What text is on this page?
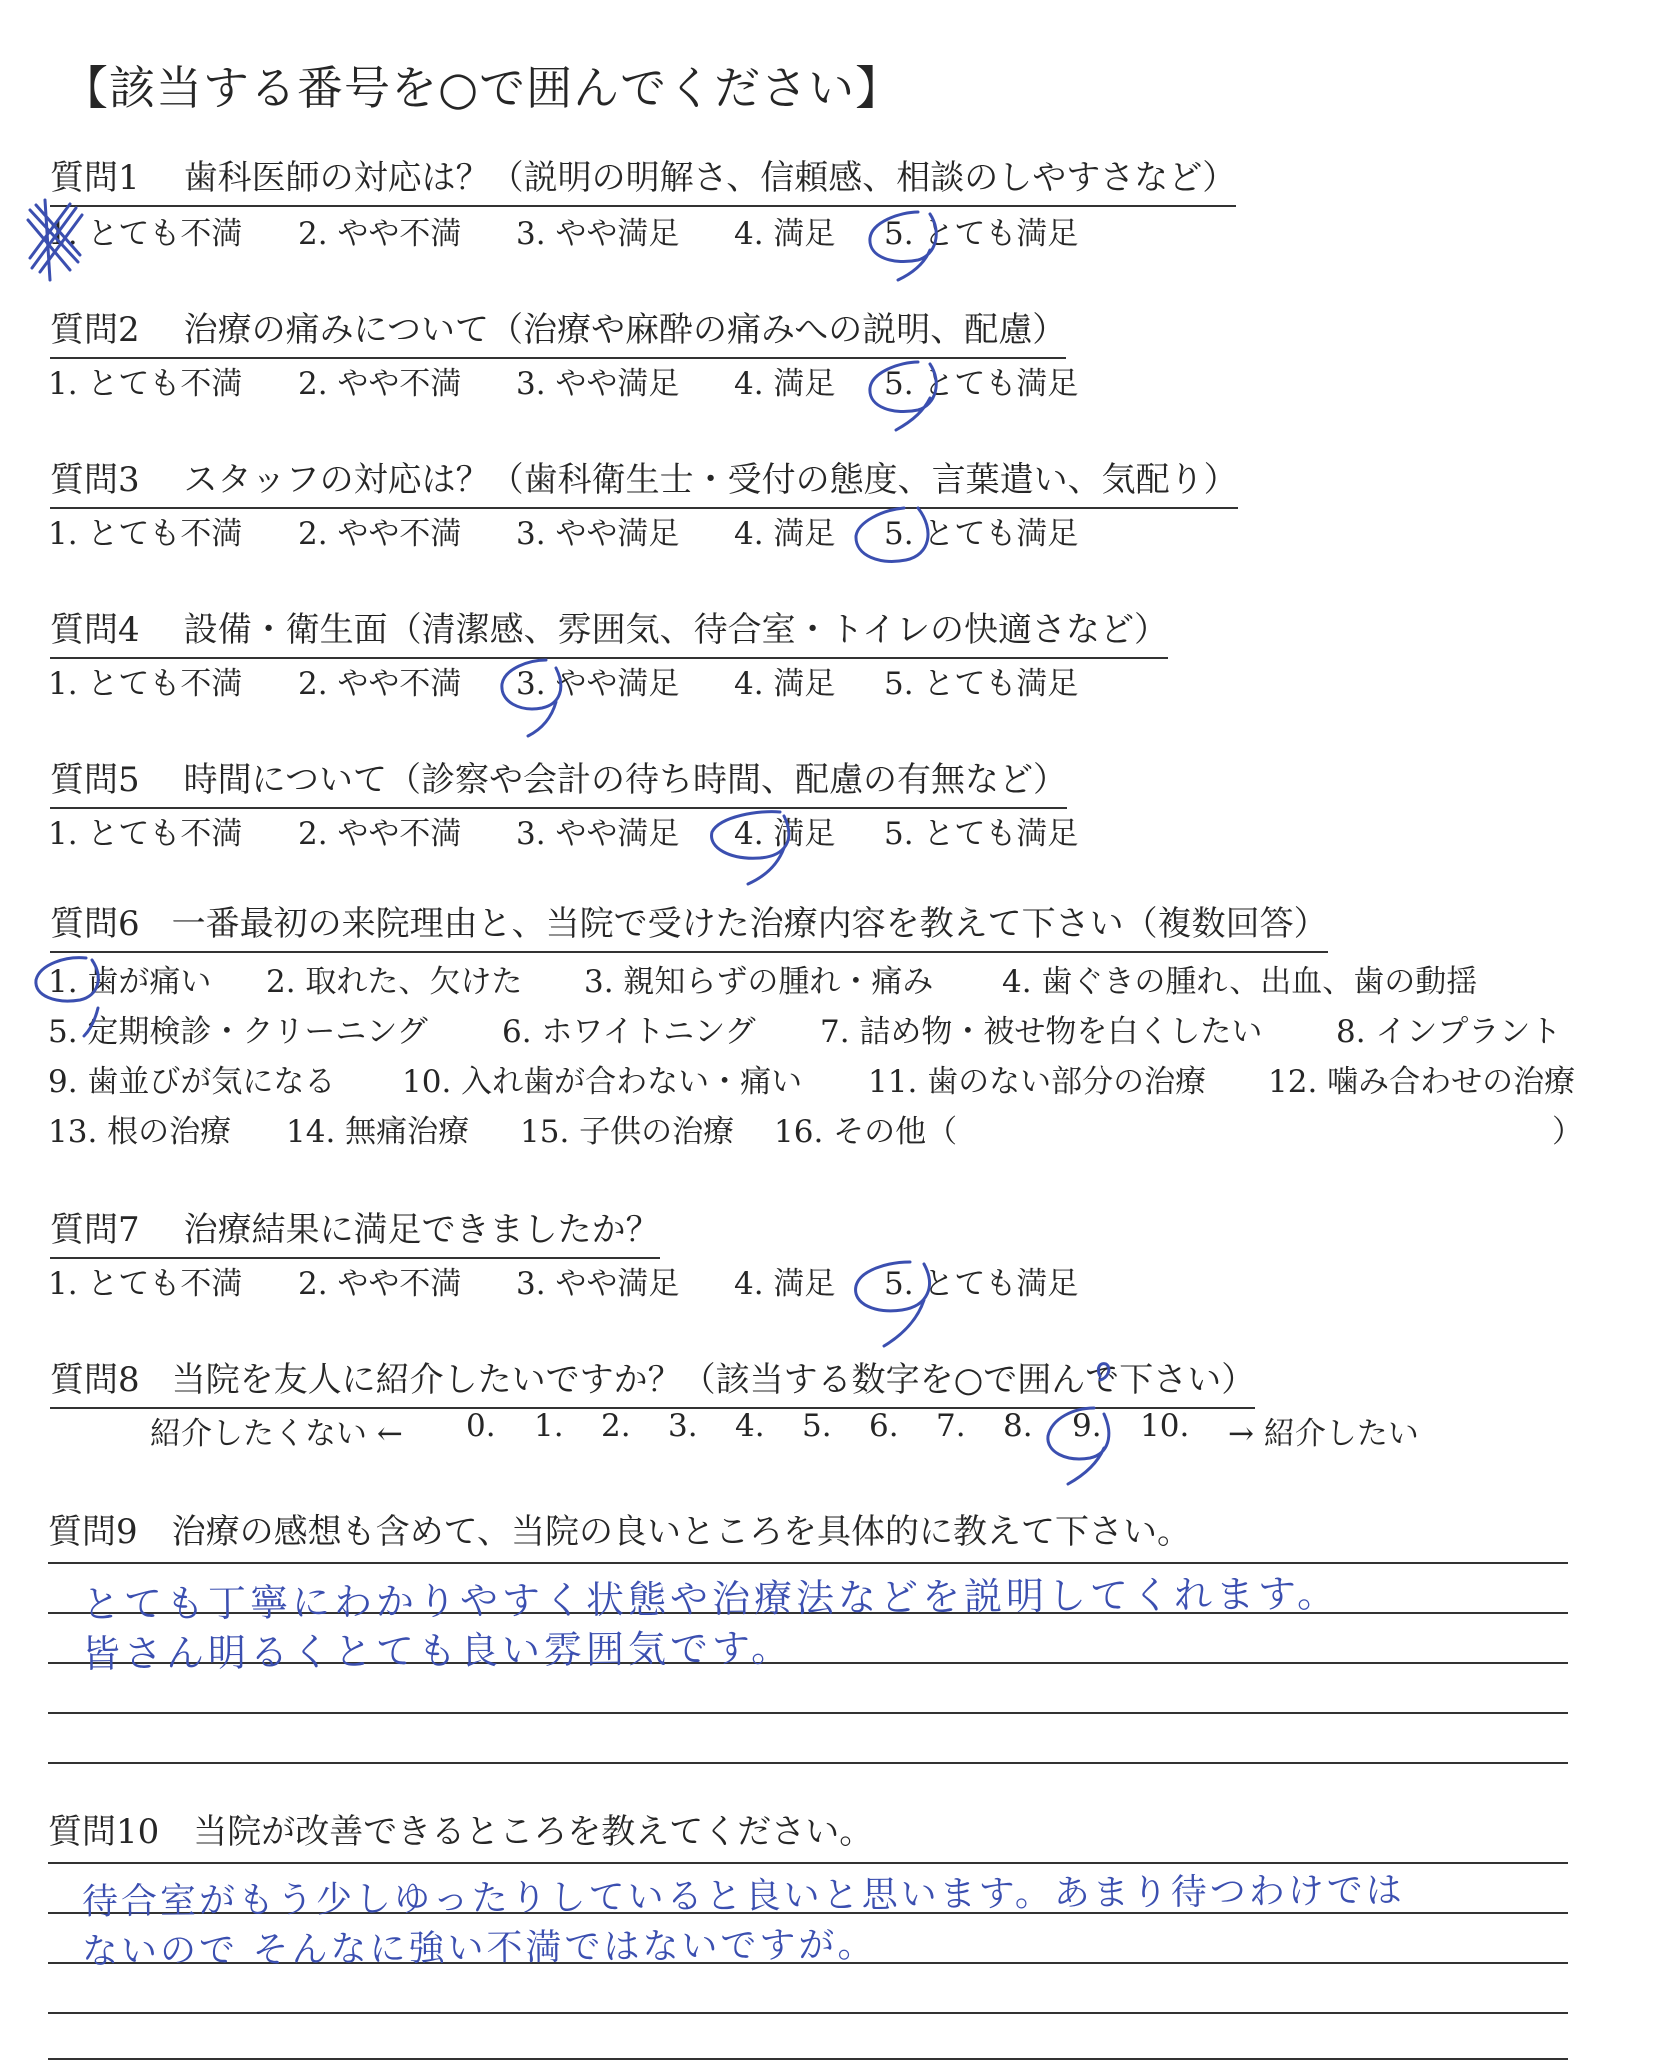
【該当する番号を○で囲んでください】
質問1 歯科医師の対応は？（説明の明解さ、信頼感、相談のしやすさなど）
1. とても不満 2. やや不満 3. やや満足 4. 満足 5. とても満足
質問2 治療の痛みについて（治療や麻酔の痛みへの説明、配慮）
1. とても不満 2. やや不満 3. やや満足 4. 満足 5. とても満足
質問3 スタッフの対応は？（歯科衛生士・受付の態度、言葉遣い、気配り）
1. とても不満 2. やや不満 3. やや満足 4. 満足 5. とても満足
質問4 設備・衛生面（清潔感、雰囲気、待合室・トイレの快適さなど）
1. とても不満 2. やや不満 3. やや満足 4. 満足 5. とても満足
質問5 時間について（診察や会計の待ち時間、配慮の有無など）
1. とても不満 2. やや不満 3. やや満足 4. 満足 5. とても満足
質問6 一番最初の来院理由と、当院で受けた治療内容を教えて下さい（複数回答）
1. 歯が痛い 2. 取れた、欠けた 3. 親知らずの腫れ・痛み 4. 歯ぐきの腫れ、出血、歯の動揺
5. 定期検診・クリーニング 6. ホワイトニング 7. 詰め物・被せ物を白くしたい 8. インプラント
9. 歯並びが気になる 10. 入れ歯が合わない・痛い 11. 歯のない部分の治療 12. 噛み合わせの治療
13. 根の治療 14. 無痛治療 15. 子供の治療 16. その他（	）
質問7 治療結果に満足できましたか？
1. とても不満 2. やや不満 3. やや満足 4. 満足 5. とても満足
質問8 当院を友人に紹介したいですか？（該当する数字を○で囲んで下さい）
紹介したくない ← 0. 1. 2. 3. 4. 5. 6. 7. 8. 9. 10. → 紹介したい
質問9 治療の感想も含めて、当院の良いところを具体的に教えて下さい。
とても丁寧にわかりやすく状態や治療法などを説明してくれます。
皆さん明るくとても良い雰囲気です。
質問10 当院が改善できるところを教えてください。
待合室がもう少しゆったりしていると良いと思います。あまり待つわけでは
ないので そんなに強い不満ではないですが。
